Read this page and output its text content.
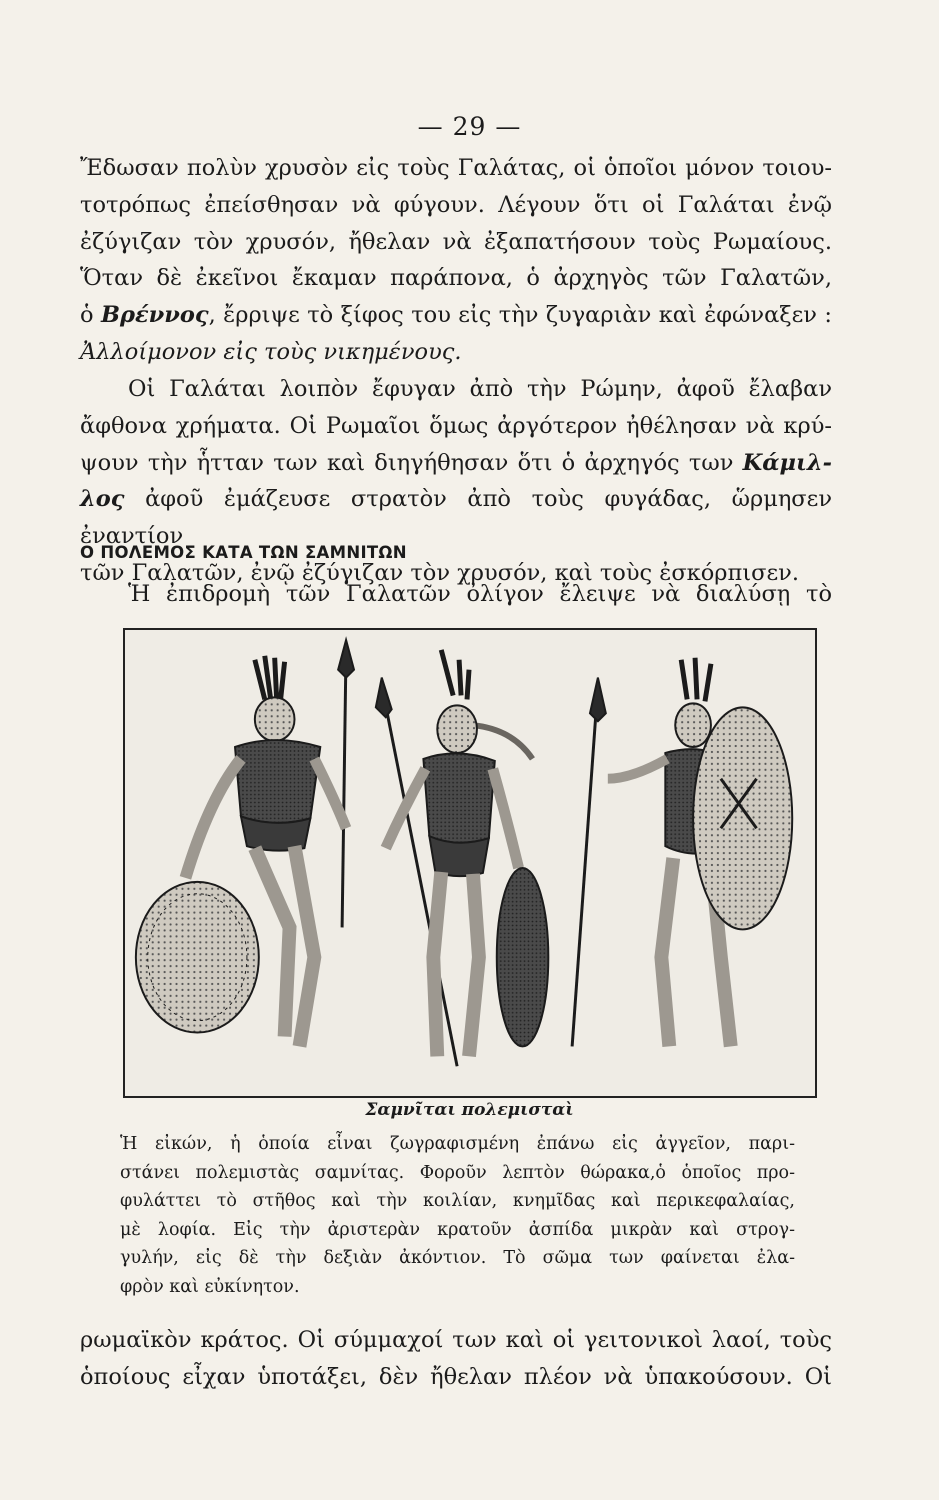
— 29 —
Ἔδωσαν πολὺν χρυσὸν εἰς τοὺς Γαλάτας, οἱ ὁποῖοι μόνον τοιου-
τοτρόπως ἐπείσθησαν νὰ φύγουν. Λέγουν ὅτι οἱ Γαλάται ἐνῷ
ἐζύγιζαν τὸν χρυσόν, ἤθελαν νὰ ἐξαπατήσουν τοὺς Ρωμαίους.
Ὅταν δὲ ἐκεῖνοι ἔκαμαν παράπονα, ὁ ἀρχηγὸς τῶν Γαλατῶν,
ὁ Βρέννος, ἔρριψε τὸ ξίφος του εἰς τὴν ζυγαριὰν καὶ ἐφώναξεν :
Ἀλλοίμονον εἰς τοὺς νικημένους.
Οἱ Γαλάται λοιπὸν ἔφυγαν ἀπὸ τὴν Ρώμην, ἀφοῦ ἔλαβαν
ἄφθονα χρήματα. Οἱ Ρωμαῖοι ὅμως ἀργότερον ἠθέλησαν νὰ κρύ-
ψουν τὴν ἧτταν των καὶ διηγήθησαν ὅτι ὁ ἀρχηγός των Κάμιλ-
λος ἀφοῦ ἐμάζευσε στρατὸν ἀπὸ τοὺς φυγάδας, ὥρμησεν ἐναντίον
τῶν Γαλατῶν, ἐνῷ ἐζύγιζαν τὸν χρυσόν, καὶ τοὺς ἐσκόρπισεν.
Ο ΠΟΛΕΜΟΣ ΚΑΤΑ ΤΩΝ ΣΑΜΝΙΤΩΝ
Ἡ ἐπιδρομὴ τῶν Γαλατῶν ὀλίγον ἔλειψε νὰ διαλύσῃ τὸ
Σαμνῖται πολεμισταὶ
Ἡ εἰκών, ἡ ὁποία εἶναι ζωγραφισμένη ἐπάνω εἰς ἀγγεῖον, παρι-
στάνει πολεμιστὰς σαμνίτας. Φοροῦν λεπτὸν θώρακα,ὁ ὁποῖος προ-
φυλάττει τὸ στῆθος καὶ τὴν κοιλίαν, κνημῖδας καὶ περικεφαλαίας,
μὲ λοφία. Εἰς τὴν ἀριστερὰν κρατοῦν ἀσπίδα μικρὰν καὶ στρογ-
γυλήν, εἰς δὲ τὴν δεξιὰν ἀκόντιον. Τὸ σῶμα των φαίνεται ἐλα-
φρὸν καὶ εὐκίνητον.
ρωμαϊκὸν κράτος. Οἱ σύμμαχοί των καὶ οἱ γειτονικοὶ λαοί, τοὺς
ὁποίους εἶχαν ὑποτάξει, δὲν ἤθελαν πλέον νὰ ὑπακούσουν. Οἱ
